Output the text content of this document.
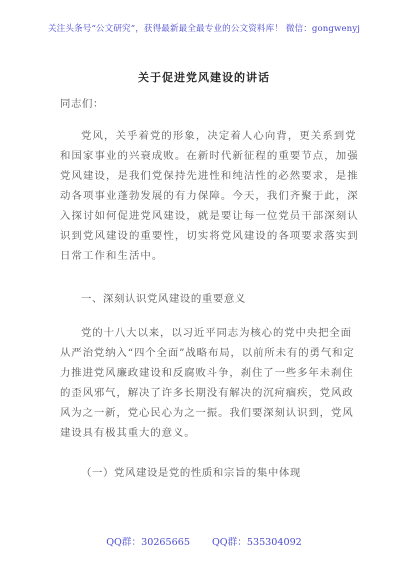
关注头条号“公文研究”，获得最新最全最专业的公文资料库！ 微信：gongwenyj
关于促进党风建设的讲话
同志们：
党风，关乎着党的形象，决定着人心向背，更关系到党和国家事业的兴衰成败。在新时代新征程的重要节点，加强党风建设，是我们党保持先进性和纯洁性的必然要求，是推动各项事业蓬勃发展的有力保障。今天，我们齐聚于此，深入探讨如何促进党风建设，就是要让每一位党员干部深刻认识到党风建设的重要性，切实将党风建设的各项要求落实到日常工作和生活中。
一、深刻认识党风建设的重要意义
党的十八大以来，以习近平同志为核心的党中央把全面从严治党纳入“四个全面”战略布局，以前所未有的勇气和定力推进党风廉政建设和反腐败斗争，刹住了一些多年未刹住的歪风邪气，解决了许多长期没有解决的沉疴痼疾，党风政风为之一新，党心民心为之一振。我们要深刻认识到，党风建设具有极其重大的意义。
（一）党风建设是党的性质和宗旨的集中体现
QQ群：30265665 QQ群：535304092
